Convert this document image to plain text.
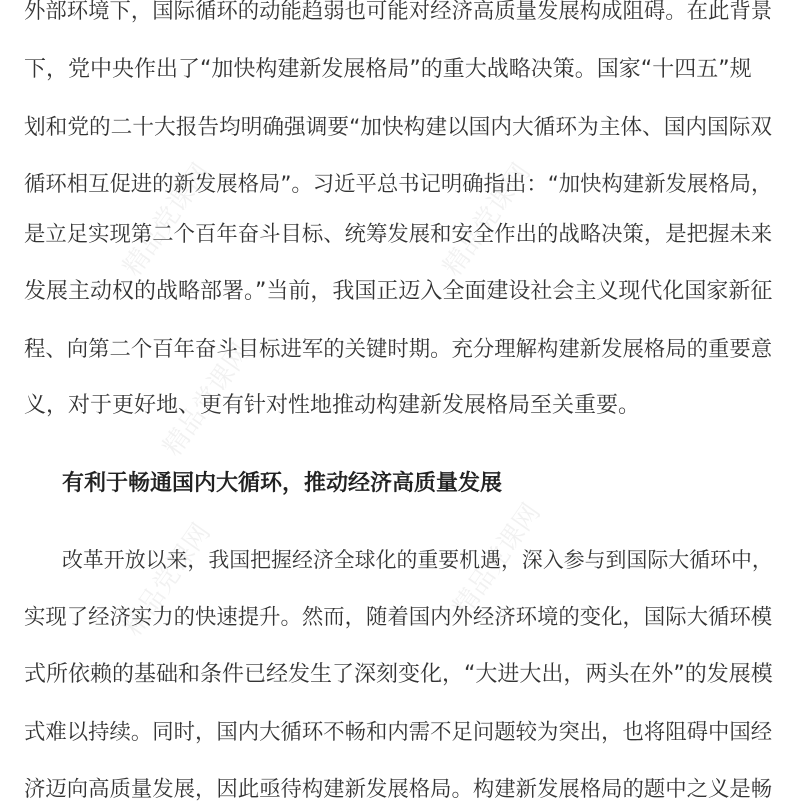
精品党课网	精品党课网
精品党课网
精品党课网	精品党课网
外部环境下，国际循环的动能趋弱也可能对经济高质量发展构成阻碍。在此背景
下，党中央作出了“加快构建新发展格局”的重大战略决策。国家“十四五”规
划和党的二十大报告均明确强调要“加快构建以国内大循环为主体、国内国际双
循环相互促进的新发展格局”。习近平总书记明确指出：“加快构建新发展格局，
是立足实现第二个百年奋斗目标、统筹发展和安全作出的战略决策，是把握未来
发展主动权的战略部署。”当前，我国正迈入全面建设社会主义现代化国家新征
程、向第二个百年奋斗目标进军的关键时期。充分理解构建新发展格局的重要意
义，对于更好地、更有针对性地推动构建新发展格局至关重要。
有利于畅通国内大循环，推动经济高质量发展
改革开放以来，我国把握经济全球化的重要机遇，深入参与到国际大循环中，
实现了经济实力的快速提升。然而，随着国内外经济环境的变化，国际大循环模
式所依赖的基础和条件已经发生了深刻变化，“大进大出，两头在外”的发展模
式难以持续。同时，国内大循环不畅和内需不足问题较为突出，也将阻碍中国经
济迈向高质量发展，因此亟待构建新发展格局。构建新发展格局的题中之义是畅
